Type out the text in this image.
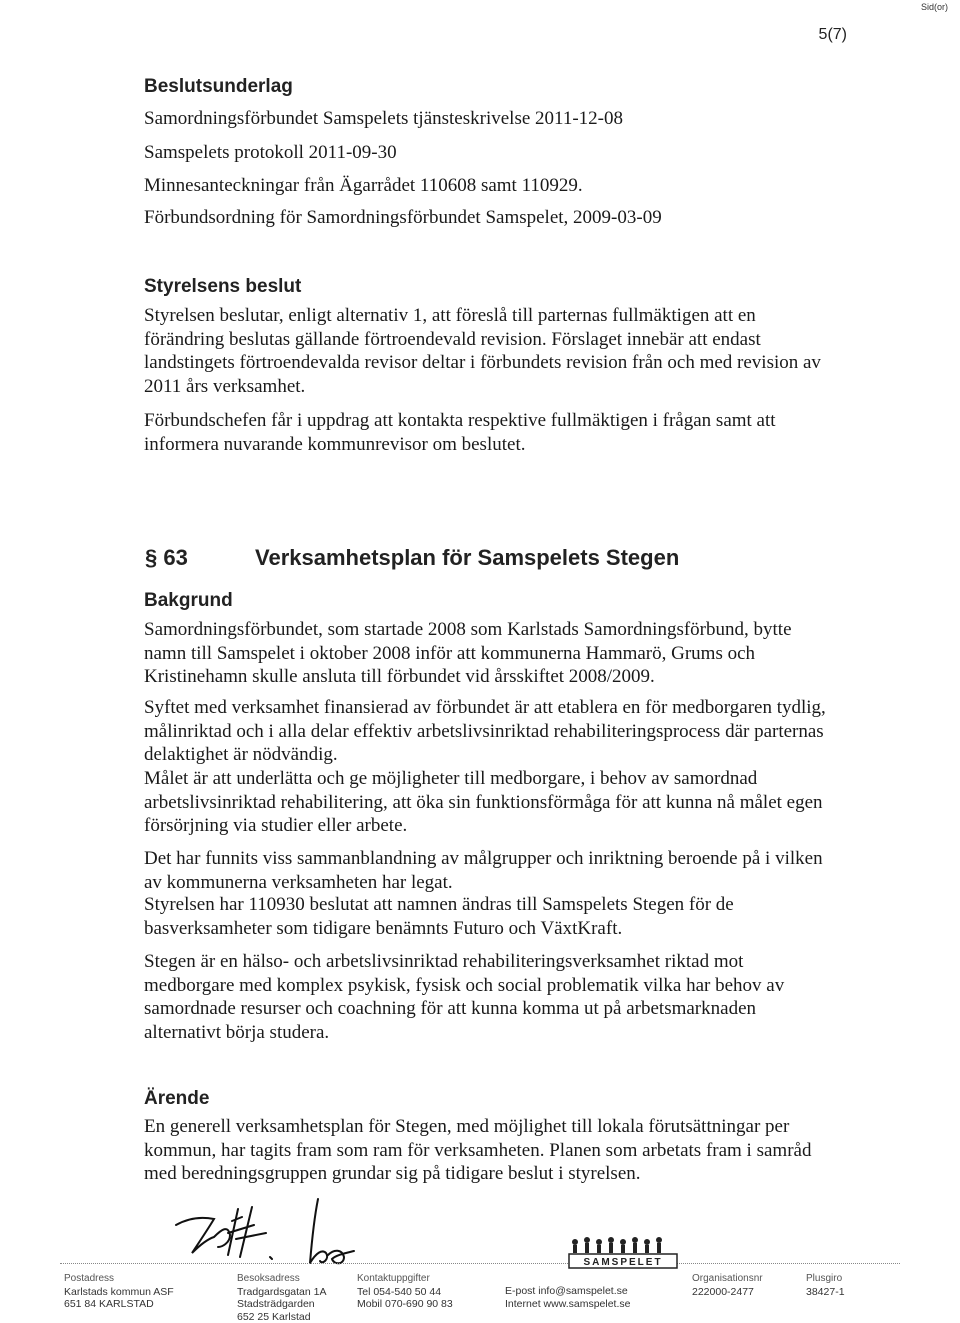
Sid(or)
5(7)
Beslutsunderlag
Samordningsförbundet Samspelets tjänsteskrivelse 2011-12-08
Samspelets protokoll 2011-09-30
Minnesanteckningar från Ägarrådet 110608 samt 110929.
Förbundsordning för Samordningsförbundet Samspelet, 2009-03-09
Styrelsens beslut
Styrelsen beslutar, enligt alternativ 1, att föreslå till parternas fullmäktigen att en förändring beslutas gällande förtroendevald revision. Förslaget innebär att endast landstingets förtroendevalda revisor deltar i förbundets revision från och med revision av 2011 års verksamhet.
Förbundschefen får i uppdrag att kontakta respektive fullmäktigen i frågan samt att informera nuvarande kommunrevisor om beslutet.
§ 63	Verksamhetsplan för Samspelets Stegen
Bakgrund
Samordningsförbundet, som startade 2008 som Karlstads Samordningsförbund, bytte namn till Samspelet i oktober 2008 inför att kommunerna Hammarö, Grums och Kristinehamn skulle ansluta till förbundet vid årsskiftet 2008/2009.
Syftet med verksamhet finansierad av förbundet är att etablera en för medborgaren tydlig, målinriktad och i alla delar effektiv arbetslivsinriktad rehabiliteringsprocess där parternas delaktighet är nödvändig.
Målet är att underlätta och ge möjligheter till medborgare, i behov av samordnad arbetslivsinriktad rehabilitering, att öka sin funktionsförmåga för att kunna nå målet egen försörjning via studier eller arbete.
Det har funnits viss sammanblandning av målgrupper och inriktning beroende på i vilken av kommunerna verksamheten har legat.
Styrelsen har 110930 beslutat att namnen ändras till Samspelets Stegen för de basverksamheter som tidigare benämnts Futuro och VäxtKraft.
Stegen är en hälso- och arbetslivsinriktad rehabiliteringsverksamhet riktad mot medborgare med komplex psykisk, fysisk och social problematik vilka har behov av samordnade resurser och coachning för att kunna komma ut på arbetsmarknaden alternativt börja studera.
Ärende
En generell verksamhetsplan för Stegen, med möjlighet till lokala förutsättningar per kommun, har tagits fram som ram för verksamheten. Planen som arbetats fram i samråd med beredningsgruppen grundar sig på tidigare beslut i styrelsen.
SAMSPELET
Postadress
Karlstads kommun ASF
651 84 KARLSTAD
Besoksadress
Tradgardsgatan 1A
Stadsträdgarden
652 25 Karlstad
Kontaktuppgifter
Tel 054-540 50 44
Mobil 070-690 90 83
E-post info@samspelet.se
Internet www.samspelet.se
Organisationsnr
222000-2477
Plusgiro
38427-1
